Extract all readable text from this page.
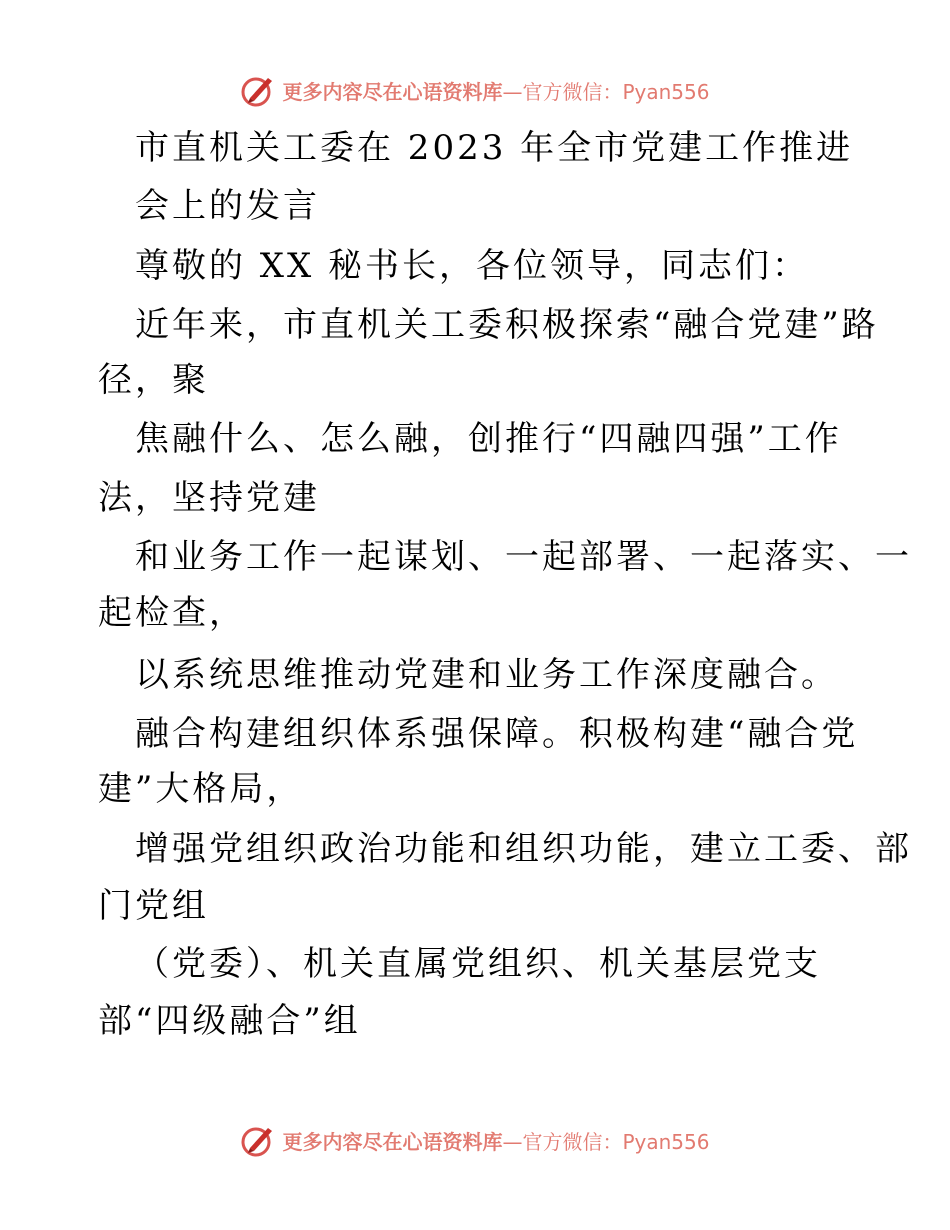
更多内容尽在心语资料库—官方微信：Pyan556
市直机关工委在 2023 年全市党建工作推进
会上的发言
尊敬的 XX 秘书长，各位领导，同志们：
近年来，市直机关工委积极探索“融合党建”路
径，聚
焦融什么、怎么融，创推行“四融四强”工作
法，坚持党建
和业务工作一起谋划、一起部署、一起落实、一
起检查，
以系统思维推动党建和业务工作深度融合。
融合构建组织体系强保障。积极构建“融合党
建”大格局，
增强党组织政治功能和组织功能，建立工委、部
门党组
（党委）、机关直属党组织、机关基层党支
部“四级融合”组
更多内容尽在心语资料库—官方微信：Pyan556
